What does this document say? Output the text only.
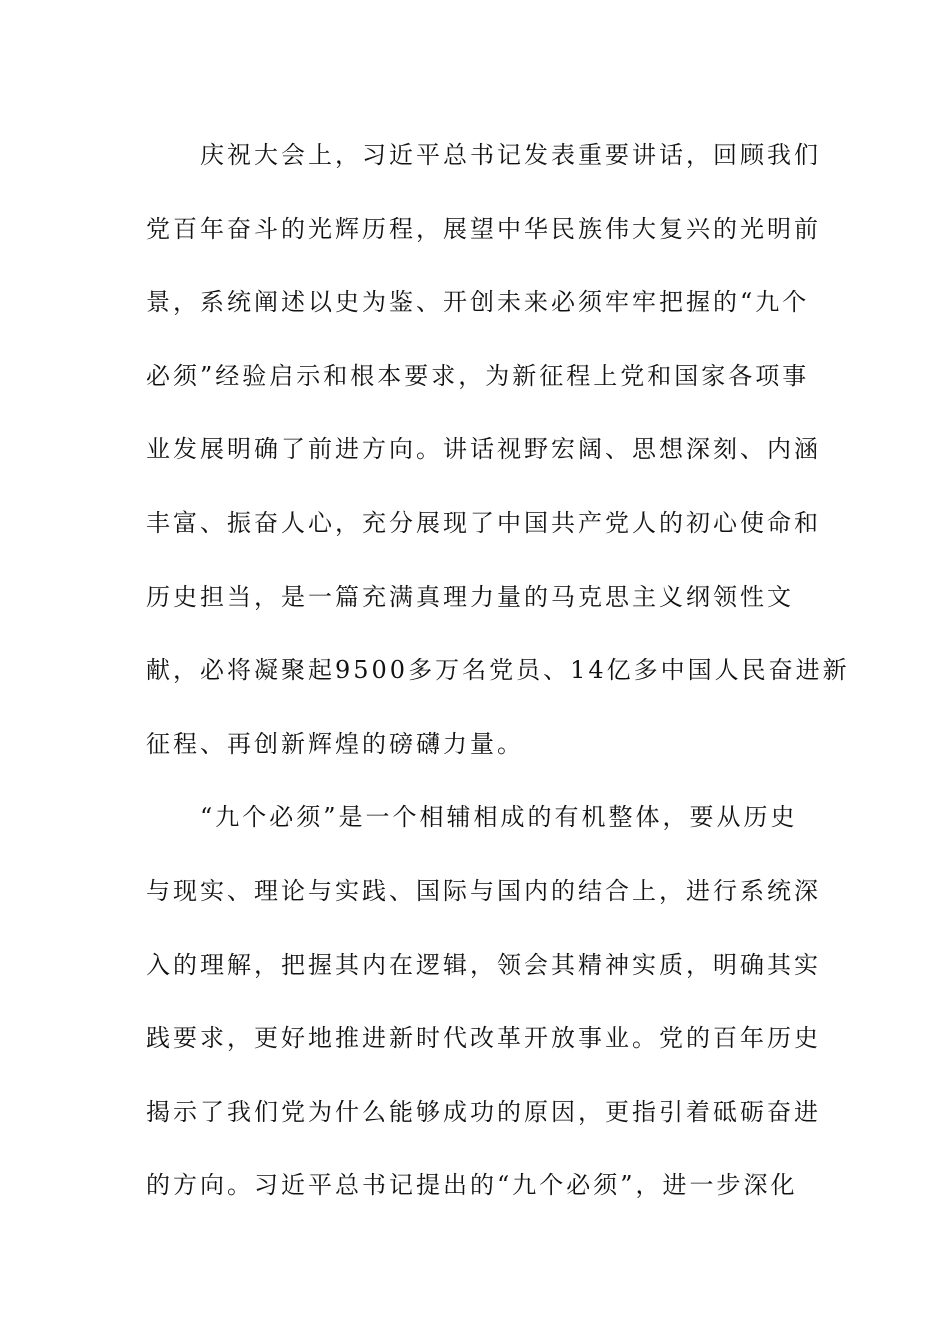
庆祝大会上，习近平总书记发表重要讲话，回顾我们
党百年奋斗的光辉历程，展望中华民族伟大复兴的光明前
景，系统阐述以史为鉴、开创未来必须牢牢把握的“九个
必须”经验启示和根本要求，为新征程上党和国家各项事
业发展明确了前进方向。讲话视野宏阔、思想深刻、内涵
丰富、振奋人心，充分展现了中国共产党人的初心使命和
历史担当，是一篇充满真理力量的马克思主义纲领性文
献，必将凝聚起9500多万名党员、14亿多中国人民奋进新
征程、再创新辉煌的磅礴力量。
“九个必须”是一个相辅相成的有机整体，要从历史
与现实、理论与实践、国际与国内的结合上，进行系统深
入的理解，把握其内在逻辑，领会其精神实质，明确其实
践要求，更好地推进新时代改革开放事业。党的百年历史
揭示了我们党为什么能够成功的原因，更指引着砥砺奋进
的方向。习近平总书记提出的“九个必须”，进一步深化
